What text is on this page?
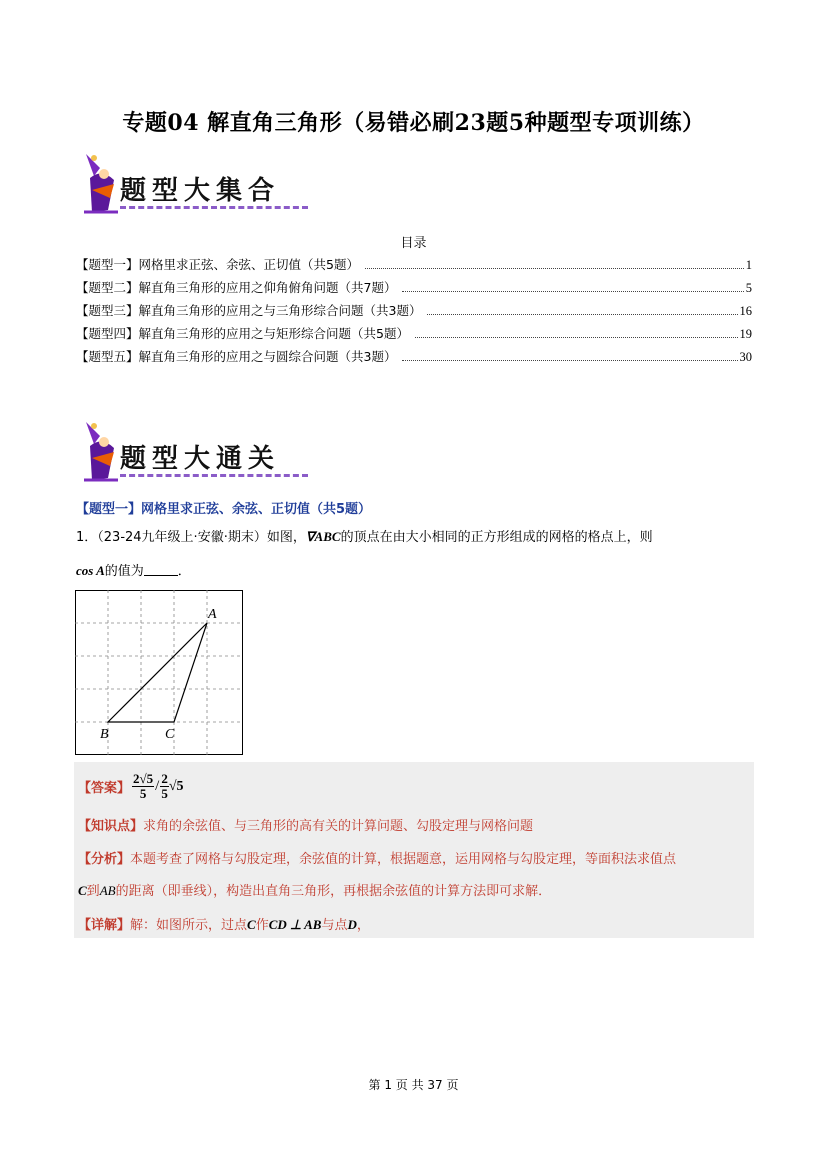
专题04 解直角三角形（易错必刷23题5种题型专项训练）
题型大集合
目录
【题型一】网格里求正弦、余弦、正切值（共5题）	1
【题型二】解直角三角形的应用之仰角俯角问题（共7题）	5
【题型三】解直角三角形的应用之与三角形综合问题（共3题）	16
【题型四】解直角三角形的应用之与矩形综合问题（共5题）	19
【题型五】解直角三角形的应用之与圆综合问题（共3题）	30
题型大通关
【题型一】网格里求正弦、余弦、正切值（共5题）
1．（23-24九年级上·安徽·期末）如图，∇ABC的顶点在由大小相同的正方形组成的网格的格点上，则
cos A的值为	．
A
B	C
【答案】
2√5
5 / 2
5 √5
【知识点】求角的余弦值、与三角形的高有关的计算问题、勾股定理与网格问题
【分析】本题考查了网格与勾股定理，余弦值的计算，根据题意，运用网格与勾股定理，等面积法求值点
C到AB的距离（即垂线），构造出直角三角形，再根据余弦值的计算方法即可求解．
【详解】解：如图所示，过点C作CD ⊥ AB与点D，
第 1 页 共 37 页
